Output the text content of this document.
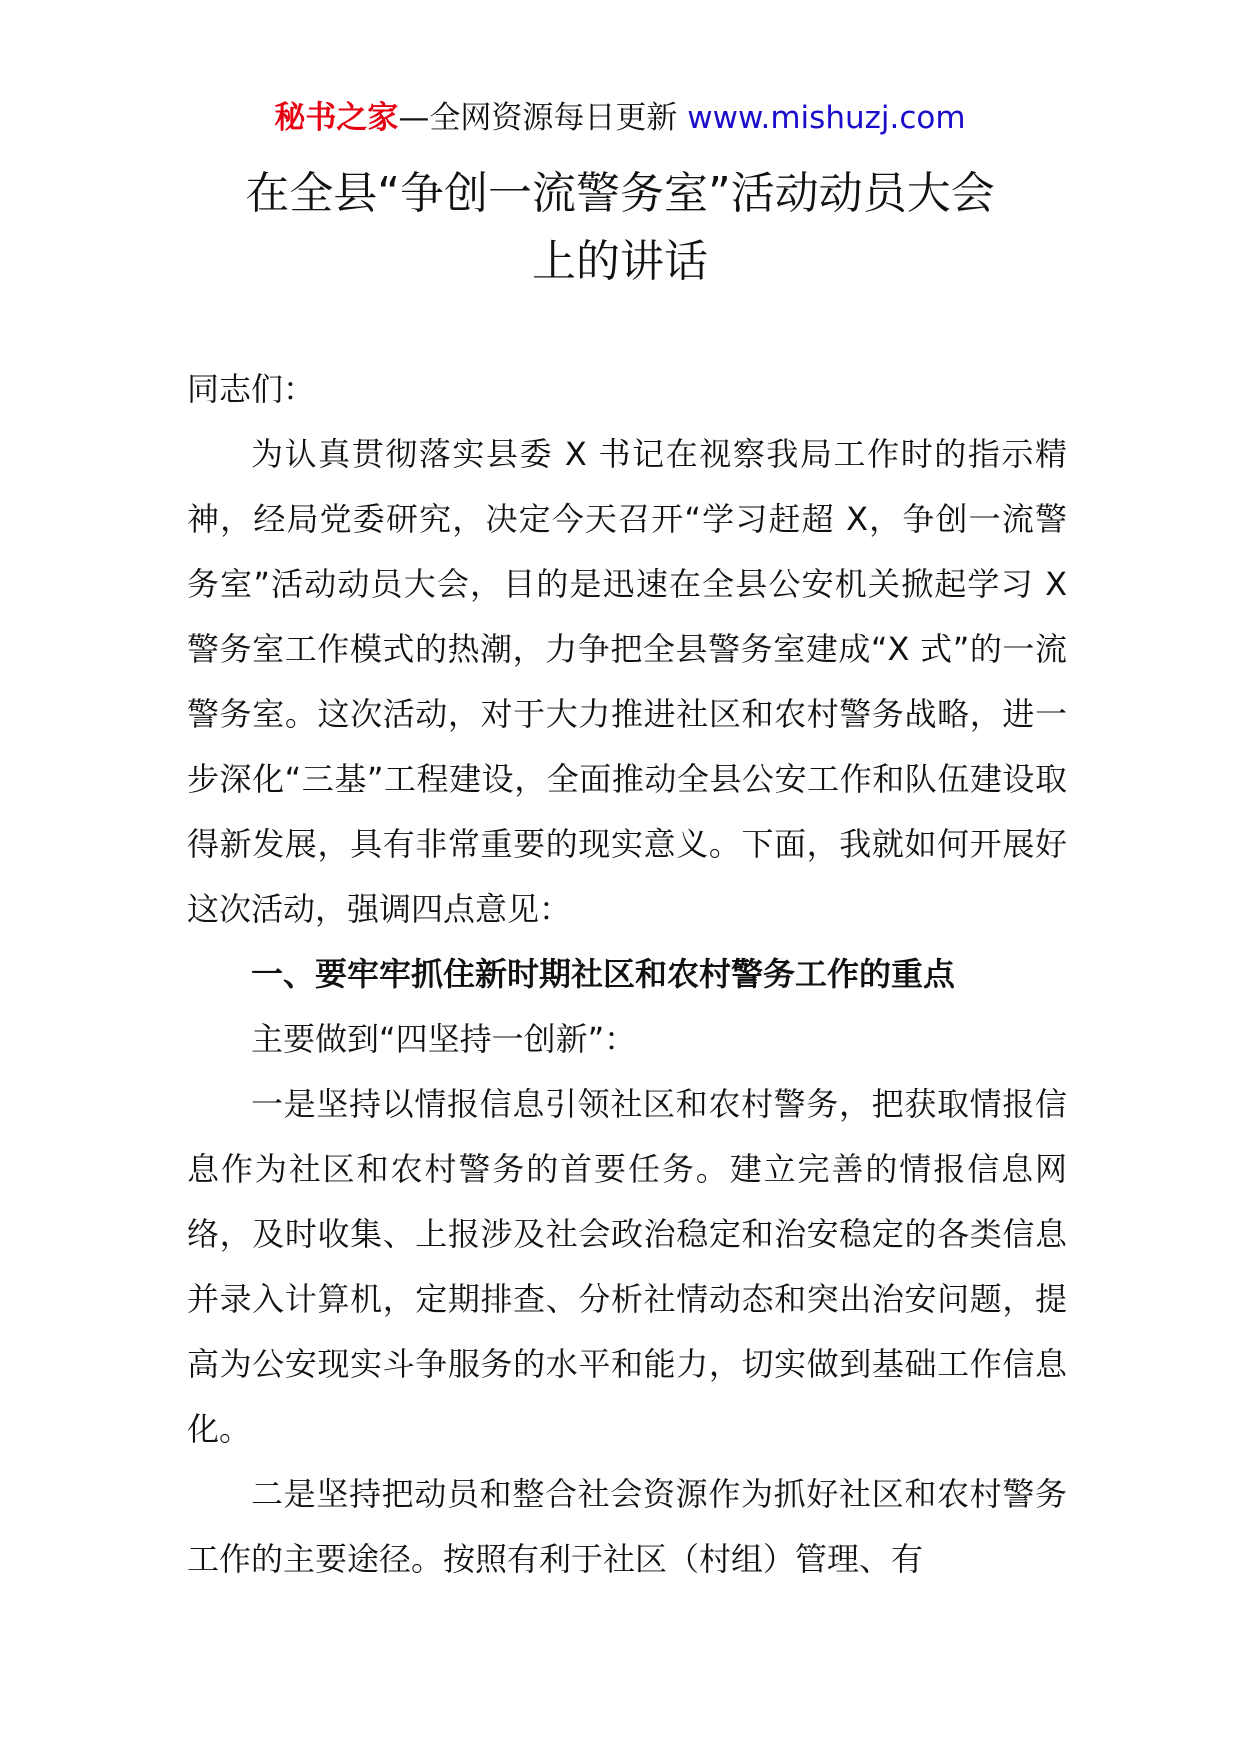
秘书之家—全网资源每日更新 www.mishuzj.com
在全县“争创一流警务室”活动动员大会
上的讲话

同志们：

为认真贯彻落实县委 X 书记在视察我局工作时的指示精神，经局党委研究，决定今天召开“学习赶超 X，争创一流警务室”活动动员大会，目的是迅速在全县公安机关掀起学习 X 警务室工作模式的热潮，力争把全县警务室建成“X 式”的一流警务室。这次活动，对于大力推进社区和农村警务战略，进一步深化“三基”工程建设，全面推动全县公安工作和队伍建设取得新发展，具有非常重要的现实意义。下面，我就如何开展好这次活动，强调四点意见：

一、要牢牢抓住新时期社区和农村警务工作的重点

主要做到“四坚持一创新”：

一是坚持以情报信息引领社区和农村警务，把获取情报信息作为社区和农村警务的首要任务。建立完善的情报信息网络，及时收集、上报涉及社会政治稳定和治安稳定的各类信息并录入计算机，定期排查、分析社情动态和突出治安问题，提高为公安现实斗争服务的水平和能力，切实做到基础工作信息化。

二是坚持把动员和整合社会资源作为抓好社区和农村警务工作的主要途径。按照有利于社区（村组）管理、有
